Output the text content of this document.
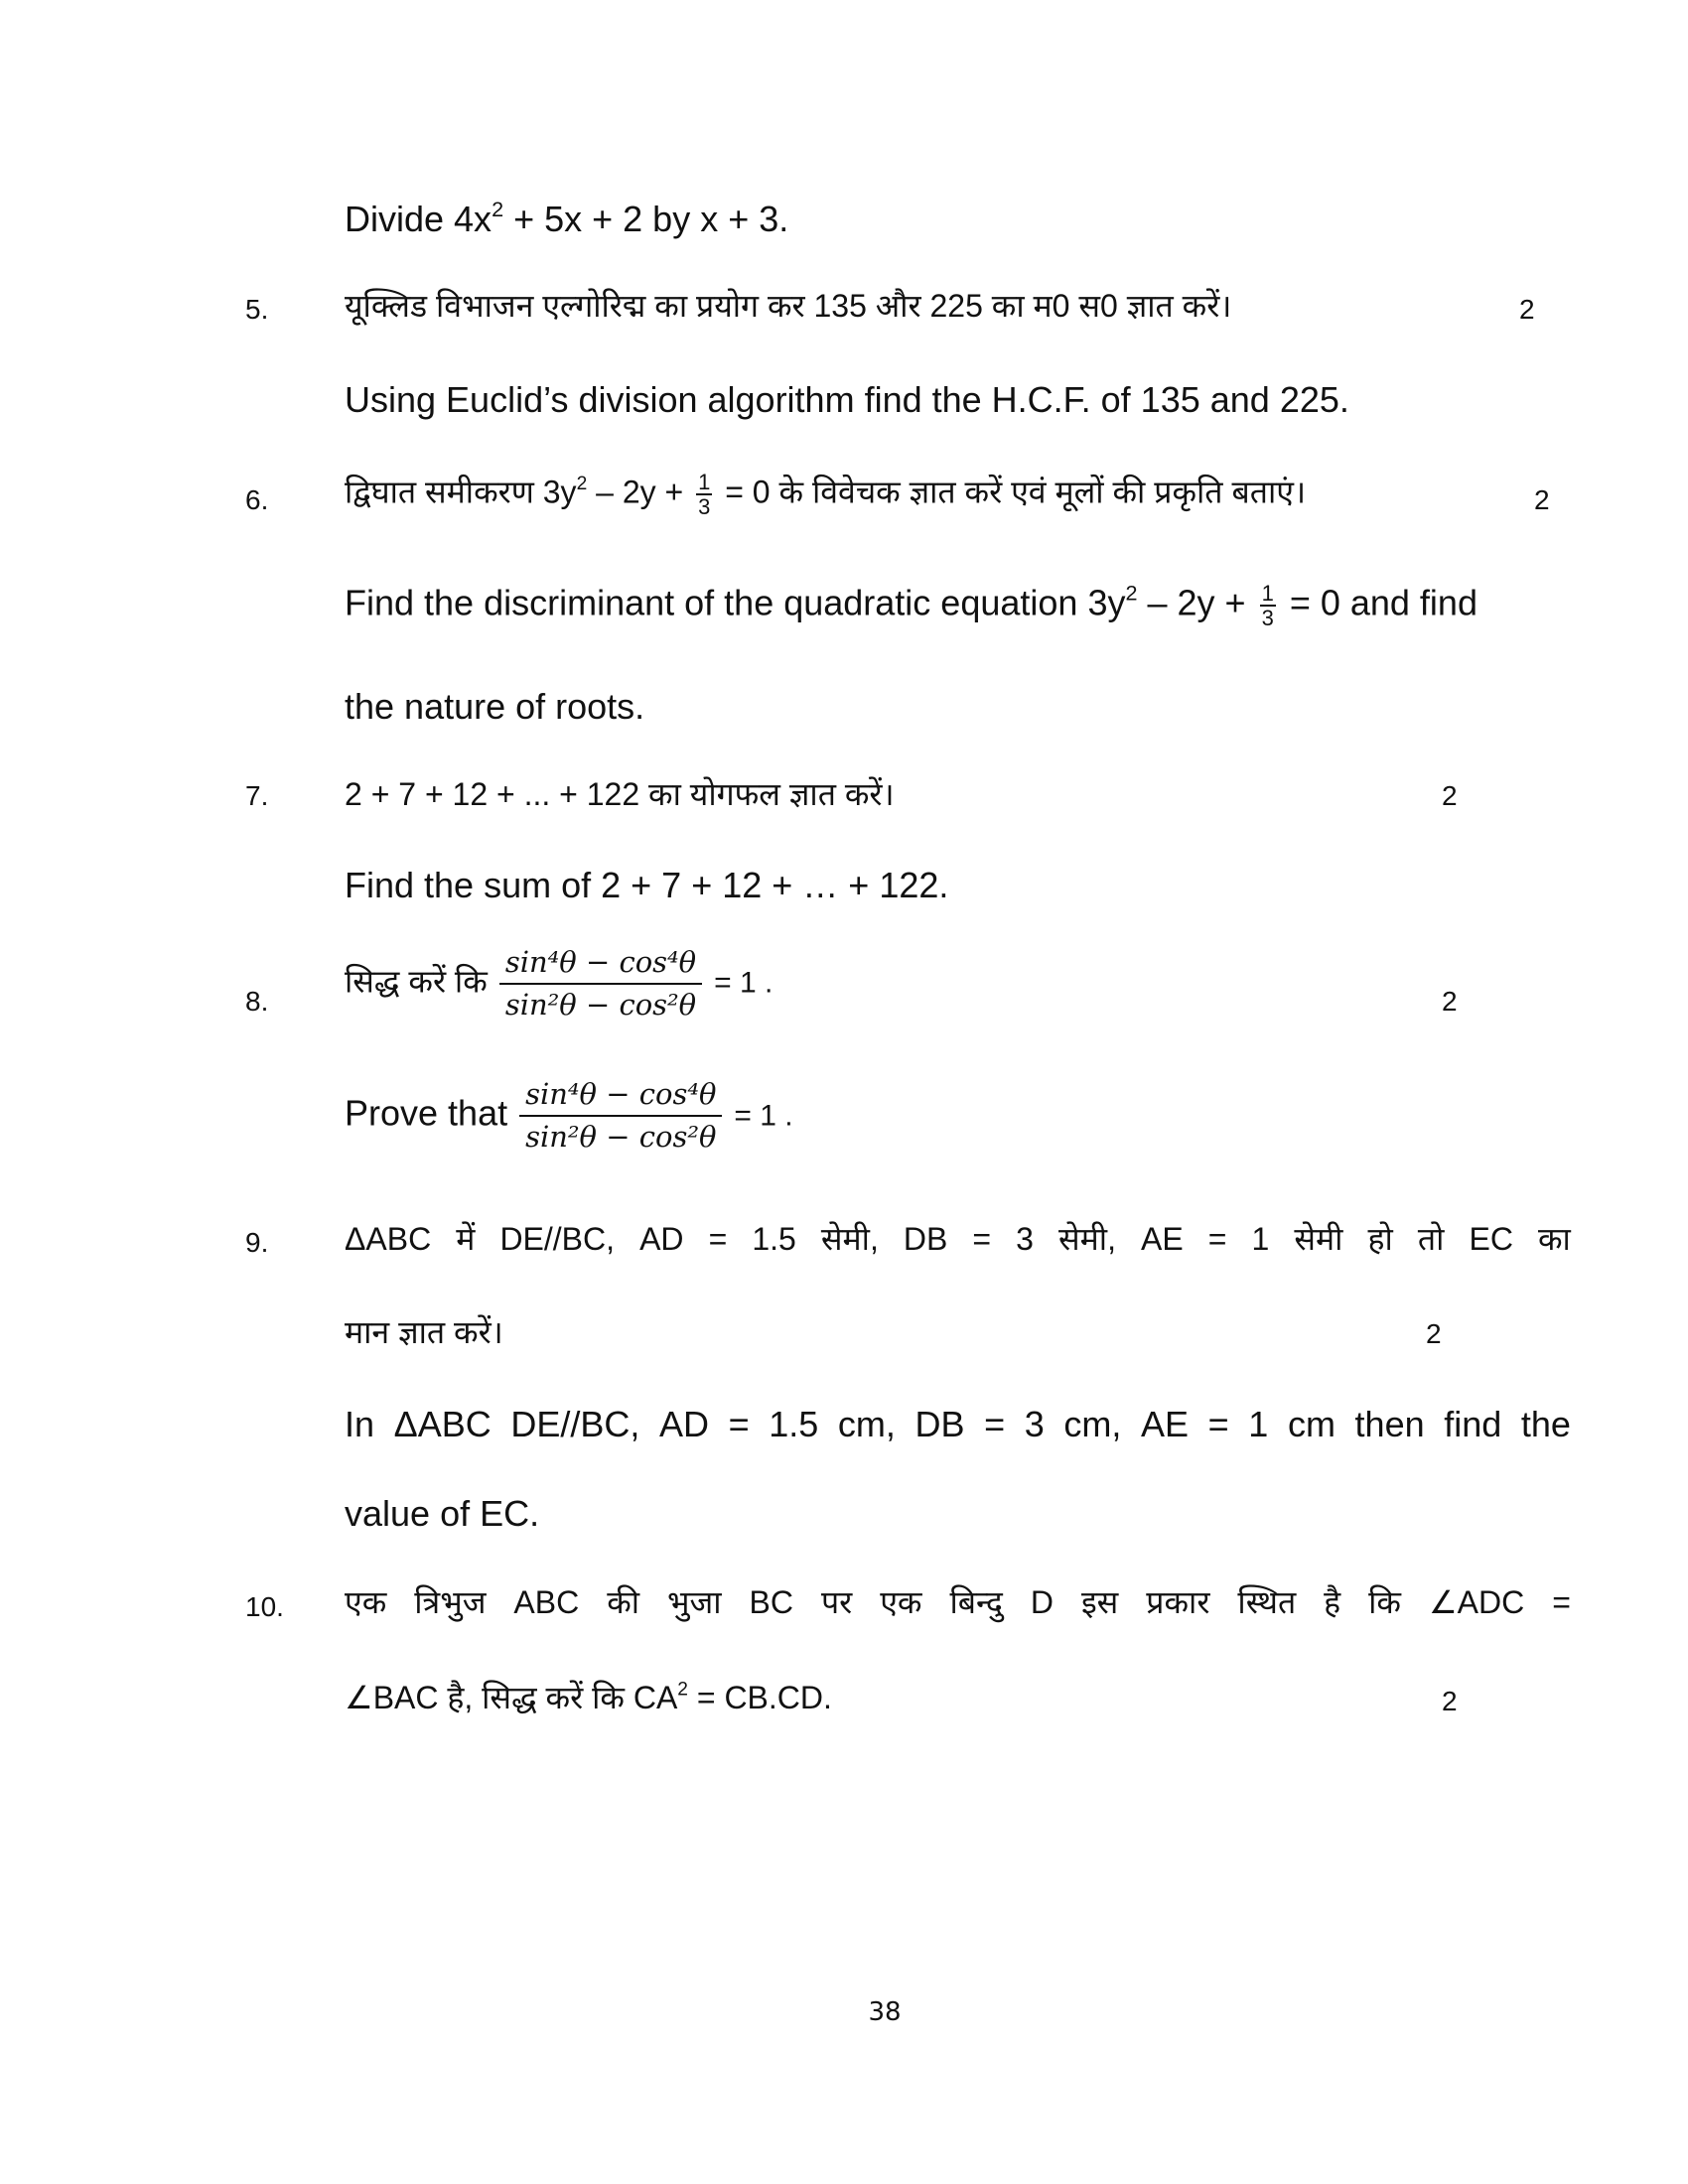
Divide $4x^2 + 5x + 2$ by x + 3.
5. यूक्लिड विभाजन एल्गोरिद्म का प्रयोग कर 135 और 225 का म0 स0 ज्ञात करें।	2
Using Euclid’s division algorithm find the H.C.F. of 135 and 225.
6. द्विघात समीकरण $3y^2 - 2y + \frac{1}{3} = 0$ के विवेचक ज्ञात करें एवं मूलों की प्रकृति बताएं।	2
Find the discriminant of the quadratic equation $3y^2 - 2y + \frac{1}{3} = 0$ and find
the nature of roots.
7. 2 + 7 + 12 + ... + 122 का योगफल ज्ञात करें।	2
Find the sum of 2 + 7 + 12 + … + 122.
8.
सिद्ध करें कि $\frac{\text{sin⁴θ − cos⁴θ}}{\text{sin²θ − cos²θ}} = 1$ .
2
Prove that $\frac{\text{sin⁴θ − cos⁴θ}}{\text{sin²θ − cos²θ}} = 1$ .
9. ΔABC में DE//BC, AD = 1.5 सेमी, DB = 3 सेमी, AE = 1 सेमी हो तो EC का
मान ज्ञात करें।	2
In ΔABC DE//BC, AD = 1.5 cm, DB = 3 cm, AE = 1 cm then find the
value of EC.
10. एक त्रिभुज ABC की भुजा BC पर एक बिन्दु D इस प्रकार स्थित है कि ∠ADC =
∠BAC है, सिद्ध करें कि $CA^2 = CB.CD$.	2
38
